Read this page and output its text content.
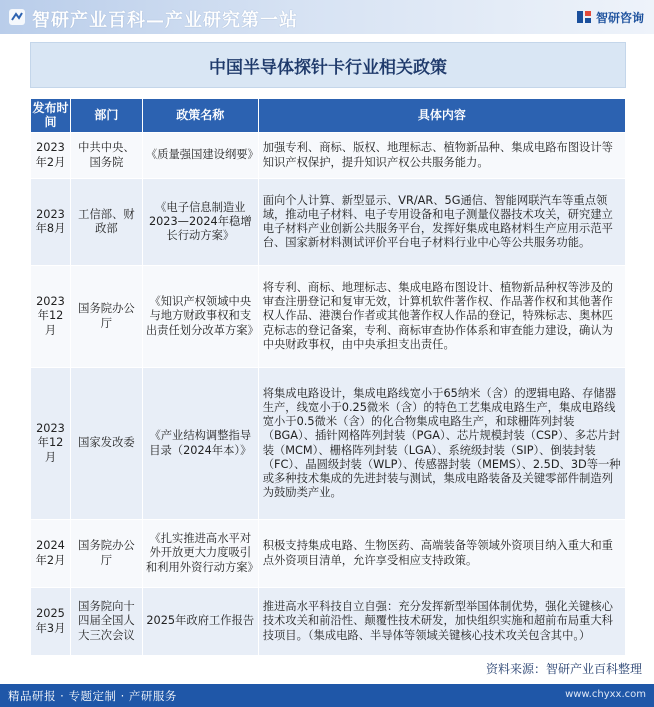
智研产业百科—产业研究第一站	智研咨询
中国半导体探针卡行业相关政策
发布时间	部门	政策名称	具体内容
2023年2月	中共中央、国务院	《质量强国建设纲要》	加强专利、商标、版权、地理标志、植物新品种、集成电路布图设计等知识产权保护，提升知识产权公共服务能力。
2023年8月	工信部、财政部	《电子信息制造业2023—2024年稳增长行动方案》	面向个人计算、新型显示、VR/AR、5G通信、智能网联汽车等重点领域，推动电子材料、电子专用设备和电子测量仪器技术攻关，研究建立电子材料产业创新公共服务平台，发挥好集成电路材料生产应用示范平台、国家新材料测试评价平台电子材料行业中心等公共服务功能。
2023年12月	国务院办公厅	《知识产权领域中央与地方财政事权和支出责任划分改革方案》	将专利、商标、地理标志、集成电路布图设计、植物新品种权等涉及的审查注册登记和复审无效，计算机软件著作权、作品著作权和其他著作权人作品、港澳台作者或其他著作权人作品的登记，特殊标志、奥林匹克标志的登记备案，专利、商标审查协作体系和审查能力建设，确认为中央财政事权，由中央承担支出责任。
2023年12月	国家发改委	《产业结构调整指导目录（2024年本）》	将集成电路设计，集成电路线宽小于65纳米（含）的逻辑电路、存储器生产，线宽小于0.25微米（含）的特色工艺集成电路生产，集成电路线宽小于0.5微米（含）的化合物集成电路生产，和球栅阵列封装（BGA）、插针网格阵列封装（PGA）、芯片规模封装（CSP）、多芯片封装（MCM）、栅格阵列封装（LGA）、系统级封装（SIP）、倒装封装（FC）、晶圆级封装（WLP）、传感器封装（MEMS）、2.5D、3D等一种或多种技术集成的先进封装与测试，集成电路装备及关键零部件制造列为鼓励类产业。
2024年2月	国务院办公厅	《扎实推进高水平对外开放更大力度吸引和利用外资行动方案》	积极支持集成电路、生物医药、高端装备等领域外资项目纳入重大和重点外资项目清单，允许享受相应支持政策。
2025年3月	国务院向十四届全国人大三次会议	2025年政府工作报告	推进高水平科技自立自强：充分发挥新型举国体制优势，强化关键核心技术攻关和前沿性、颠覆性技术研发，加快组织实施和超前布局重大科技项目。（集成电路、半导体等领域关键核心技术攻关包含其中。）
资料来源：智研产业百科整理
精品研报 · 专题定制 · 产研服务	www.chyxx.com
